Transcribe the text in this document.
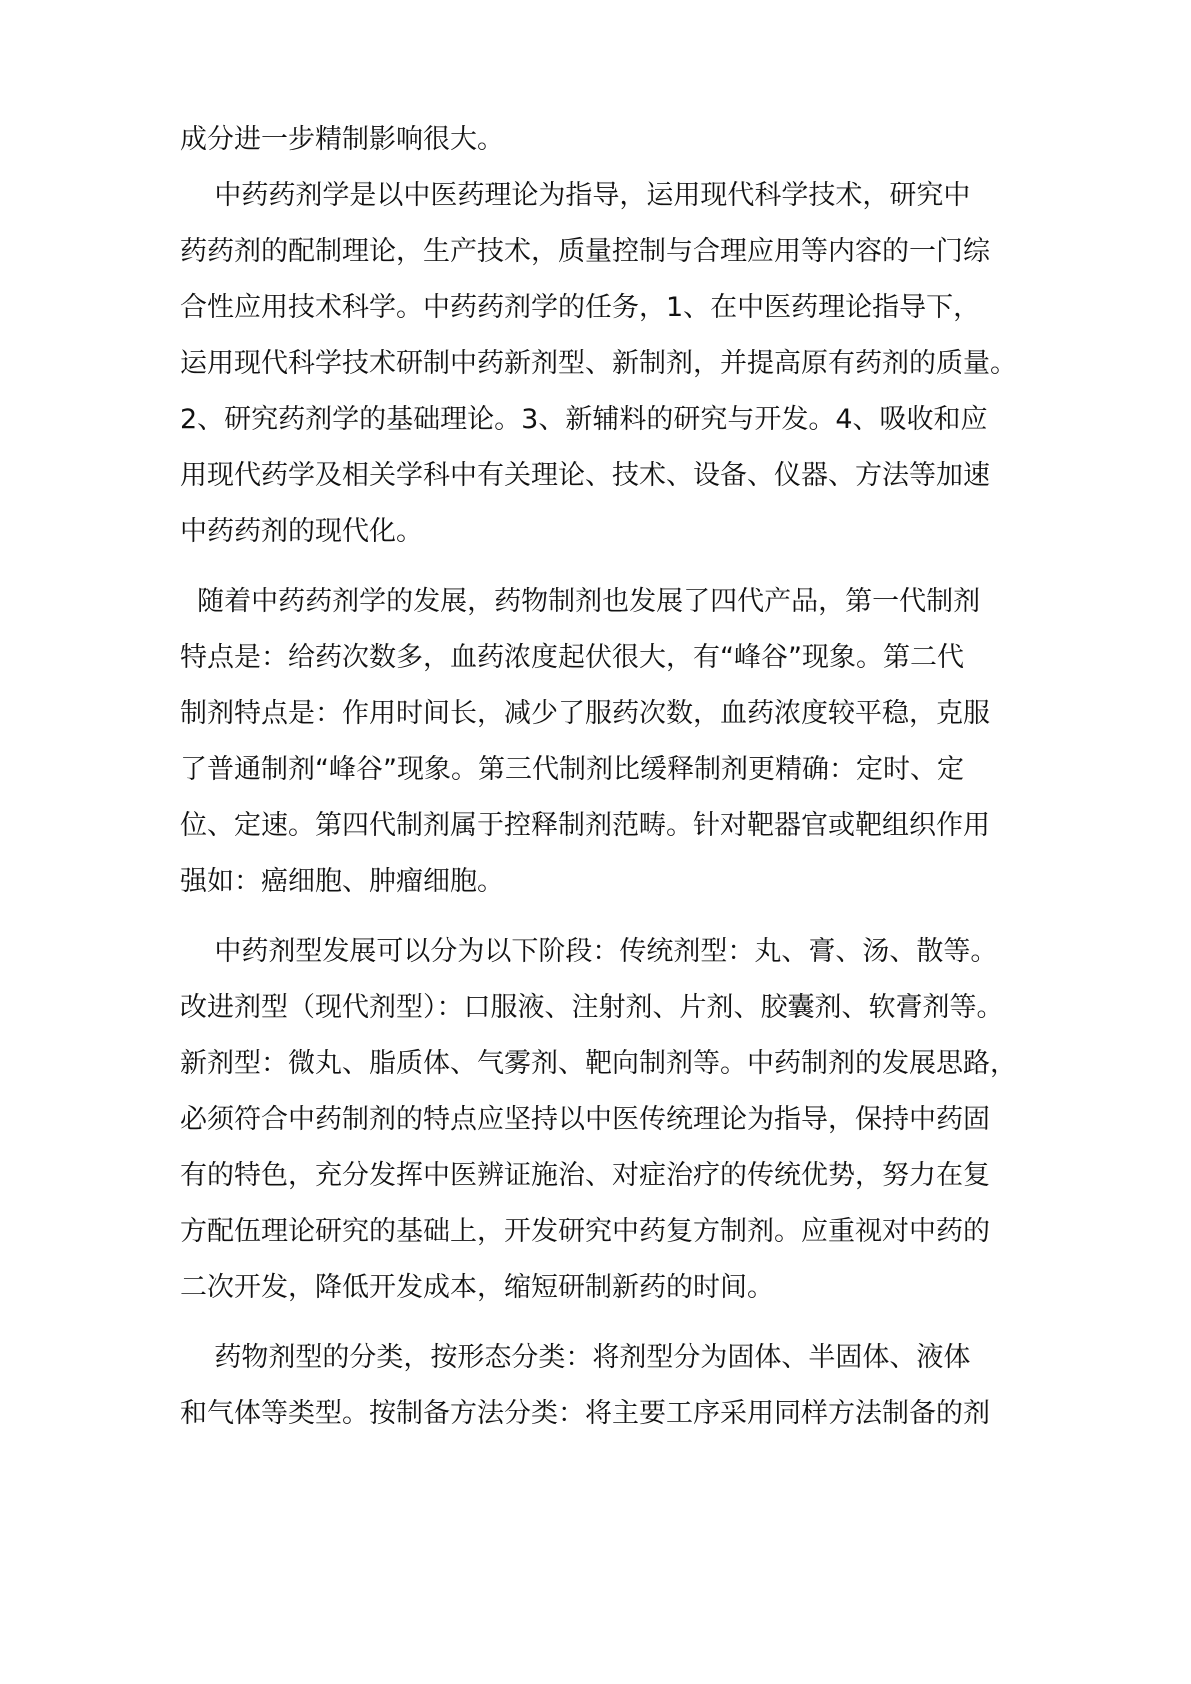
成分进一步精制影响很大。
中药药剂学是以中医药理论为指导，运用现代科学技术，研究中
药药剂的配制理论，生产技术，质量控制与合理应用等内容的一门综
合性应用技术科学。中药药剂学的任务，1、在中医药理论指导下，
运用现代科学技术研制中药新剂型、新制剂，并提高原有药剂的质量。
2、研究药剂学的基础理论。3、新辅料的研究与开发。4、吸收和应
用现代药学及相关学科中有关理论、技术、设备、仪器、方法等加速
中药药剂的现代化。
随着中药药剂学的发展，药物制剂也发展了四代产品，第一代制剂
特点是：给药次数多，血药浓度起伏很大，有“峰谷”现象。第二代
制剂特点是：作用时间长，减少了服药次数，血药浓度较平稳，克服
了普通制剂“峰谷”现象。第三代制剂比缓释制剂更精确：定时、定
位、定速。第四代制剂属于控释制剂范畴。针对靶器官或靶组织作用
强如：癌细胞、肿瘤细胞。
中药剂型发展可以分为以下阶段：传统剂型：丸、膏、汤、散等。
改进剂型（现代剂型）：口服液、注射剂、片剂、胶囊剂、软膏剂等。
新剂型：微丸、脂质体、气雾剂、靶向制剂等。中药制剂的发展思路，
必须符合中药制剂的特点应坚持以中医传统理论为指导，保持中药固
有的特色，充分发挥中医辨证施治、对症治疗的传统优势，努力在复
方配伍理论研究的基础上，开发研究中药复方制剂。应重视对中药的
二次开发，降低开发成本，缩短研制新药的时间。
药物剂型的分类，按形态分类：将剂型分为固体、半固体、液体
和气体等类型。按制备方法分类：将主要工序采用同样方法制备的剂
